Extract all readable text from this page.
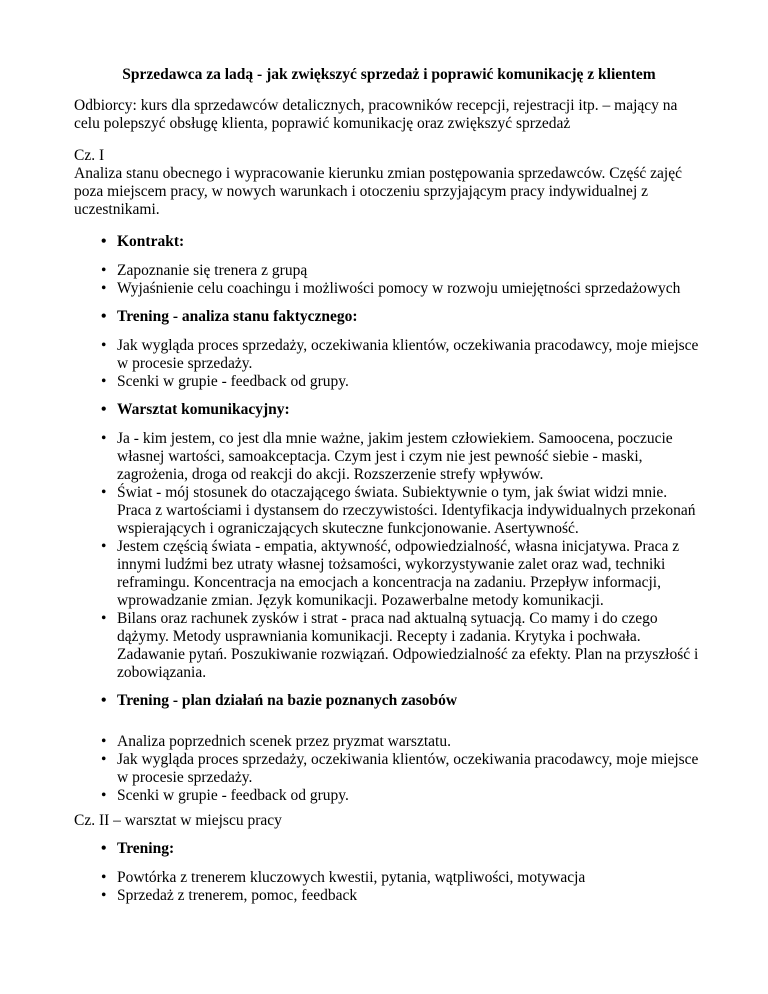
Sprzedawca za ladą - jak zwiększyć sprzedaż i poprawić komunikację z klientem

Odbiorcy: kurs dla sprzedawców detalicznych, pracowników recepcji, rejestracji itp. – mający na celu polepszyć obsługę klienta, poprawić komunikację oraz zwiększyć sprzedaż

Cz. I

Analiza stanu obecnego i wypracowanie kierunku zmian postępowania sprzedawców. Część zajęć poza miejscem pracy, w nowych warunkach i otoczeniu sprzyjającym pracy indywidualnej z uczestnikami.

• Kontrakt:
• Zapoznanie się trenera z grupą
• Wyjaśnienie celu coachingu i możliwości pomocy w rozwoju umiejętności sprzedażowych
• Trening - analiza stanu faktycznego:
• Jak wygląda proces sprzedaży, oczekiwania klientów, oczekiwania pracodawcy, moje miejsce w procesie sprzedaży.
• Scenki w grupie - feedback od grupy.
• Warsztat komunikacyjny:
• Ja - kim jestem, co jest dla mnie ważne, jakim jestem człowiekiem. Samoocena, poczucie własnej wartości, samoakceptacja. Czym jest i czym nie jest pewność siebie - maski, zagrożenia, droga od reakcji do akcji. Rozszerzenie strefy wpływów.
• Świat - mój stosunek do otaczającego świata. Subiektywnie o tym, jak świat widzi mnie. Praca z wartościami i dystansem do rzeczywistości. Identyfikacja indywidualnych przekonań wspierających i ograniczających skuteczne funkcjonowanie. Asertywność.
• Jestem częścią świata - empatia, aktywność, odpowiedzialność, własna inicjatywa. Praca z innymi ludźmi bez utraty własnej tożsamości, wykorzystywanie zalet oraz wad, techniki reframingu. Koncentracja na emocjach a koncentracja na zadaniu. Przepływ informacji, wprowadzanie zmian. Język komunikacji. Pozawerbalne metody komunikacji.
• Bilans oraz rachunek zysków i strat - praca nad aktualną sytuacją. Co mamy i do czego dążymy. Metody usprawniania komunikacji. Recepty i zadania. Krytyka i pochwała. Zadawanie pytań. Poszukiwanie rozwiązań. Odpowiedzialność za efekty. Plan na przyszłość i zobowiązania.
• Trening - plan działań na bazie poznanych zasobów
• Analiza poprzednich scenek przez pryzmat warsztatu.
• Jak wygląda proces sprzedaży, oczekiwania klientów, oczekiwania pracodawcy, moje miejsce w procesie sprzedaży.
• Scenki w grupie - feedback od grupy.

Cz. II – warsztat w miejscu pracy

• Trening:
• Powtórka z trenerem kluczowych kwestii, pytania, wątpliwości, motywacja
• Sprzedaż z trenerem, pomoc, feedback
